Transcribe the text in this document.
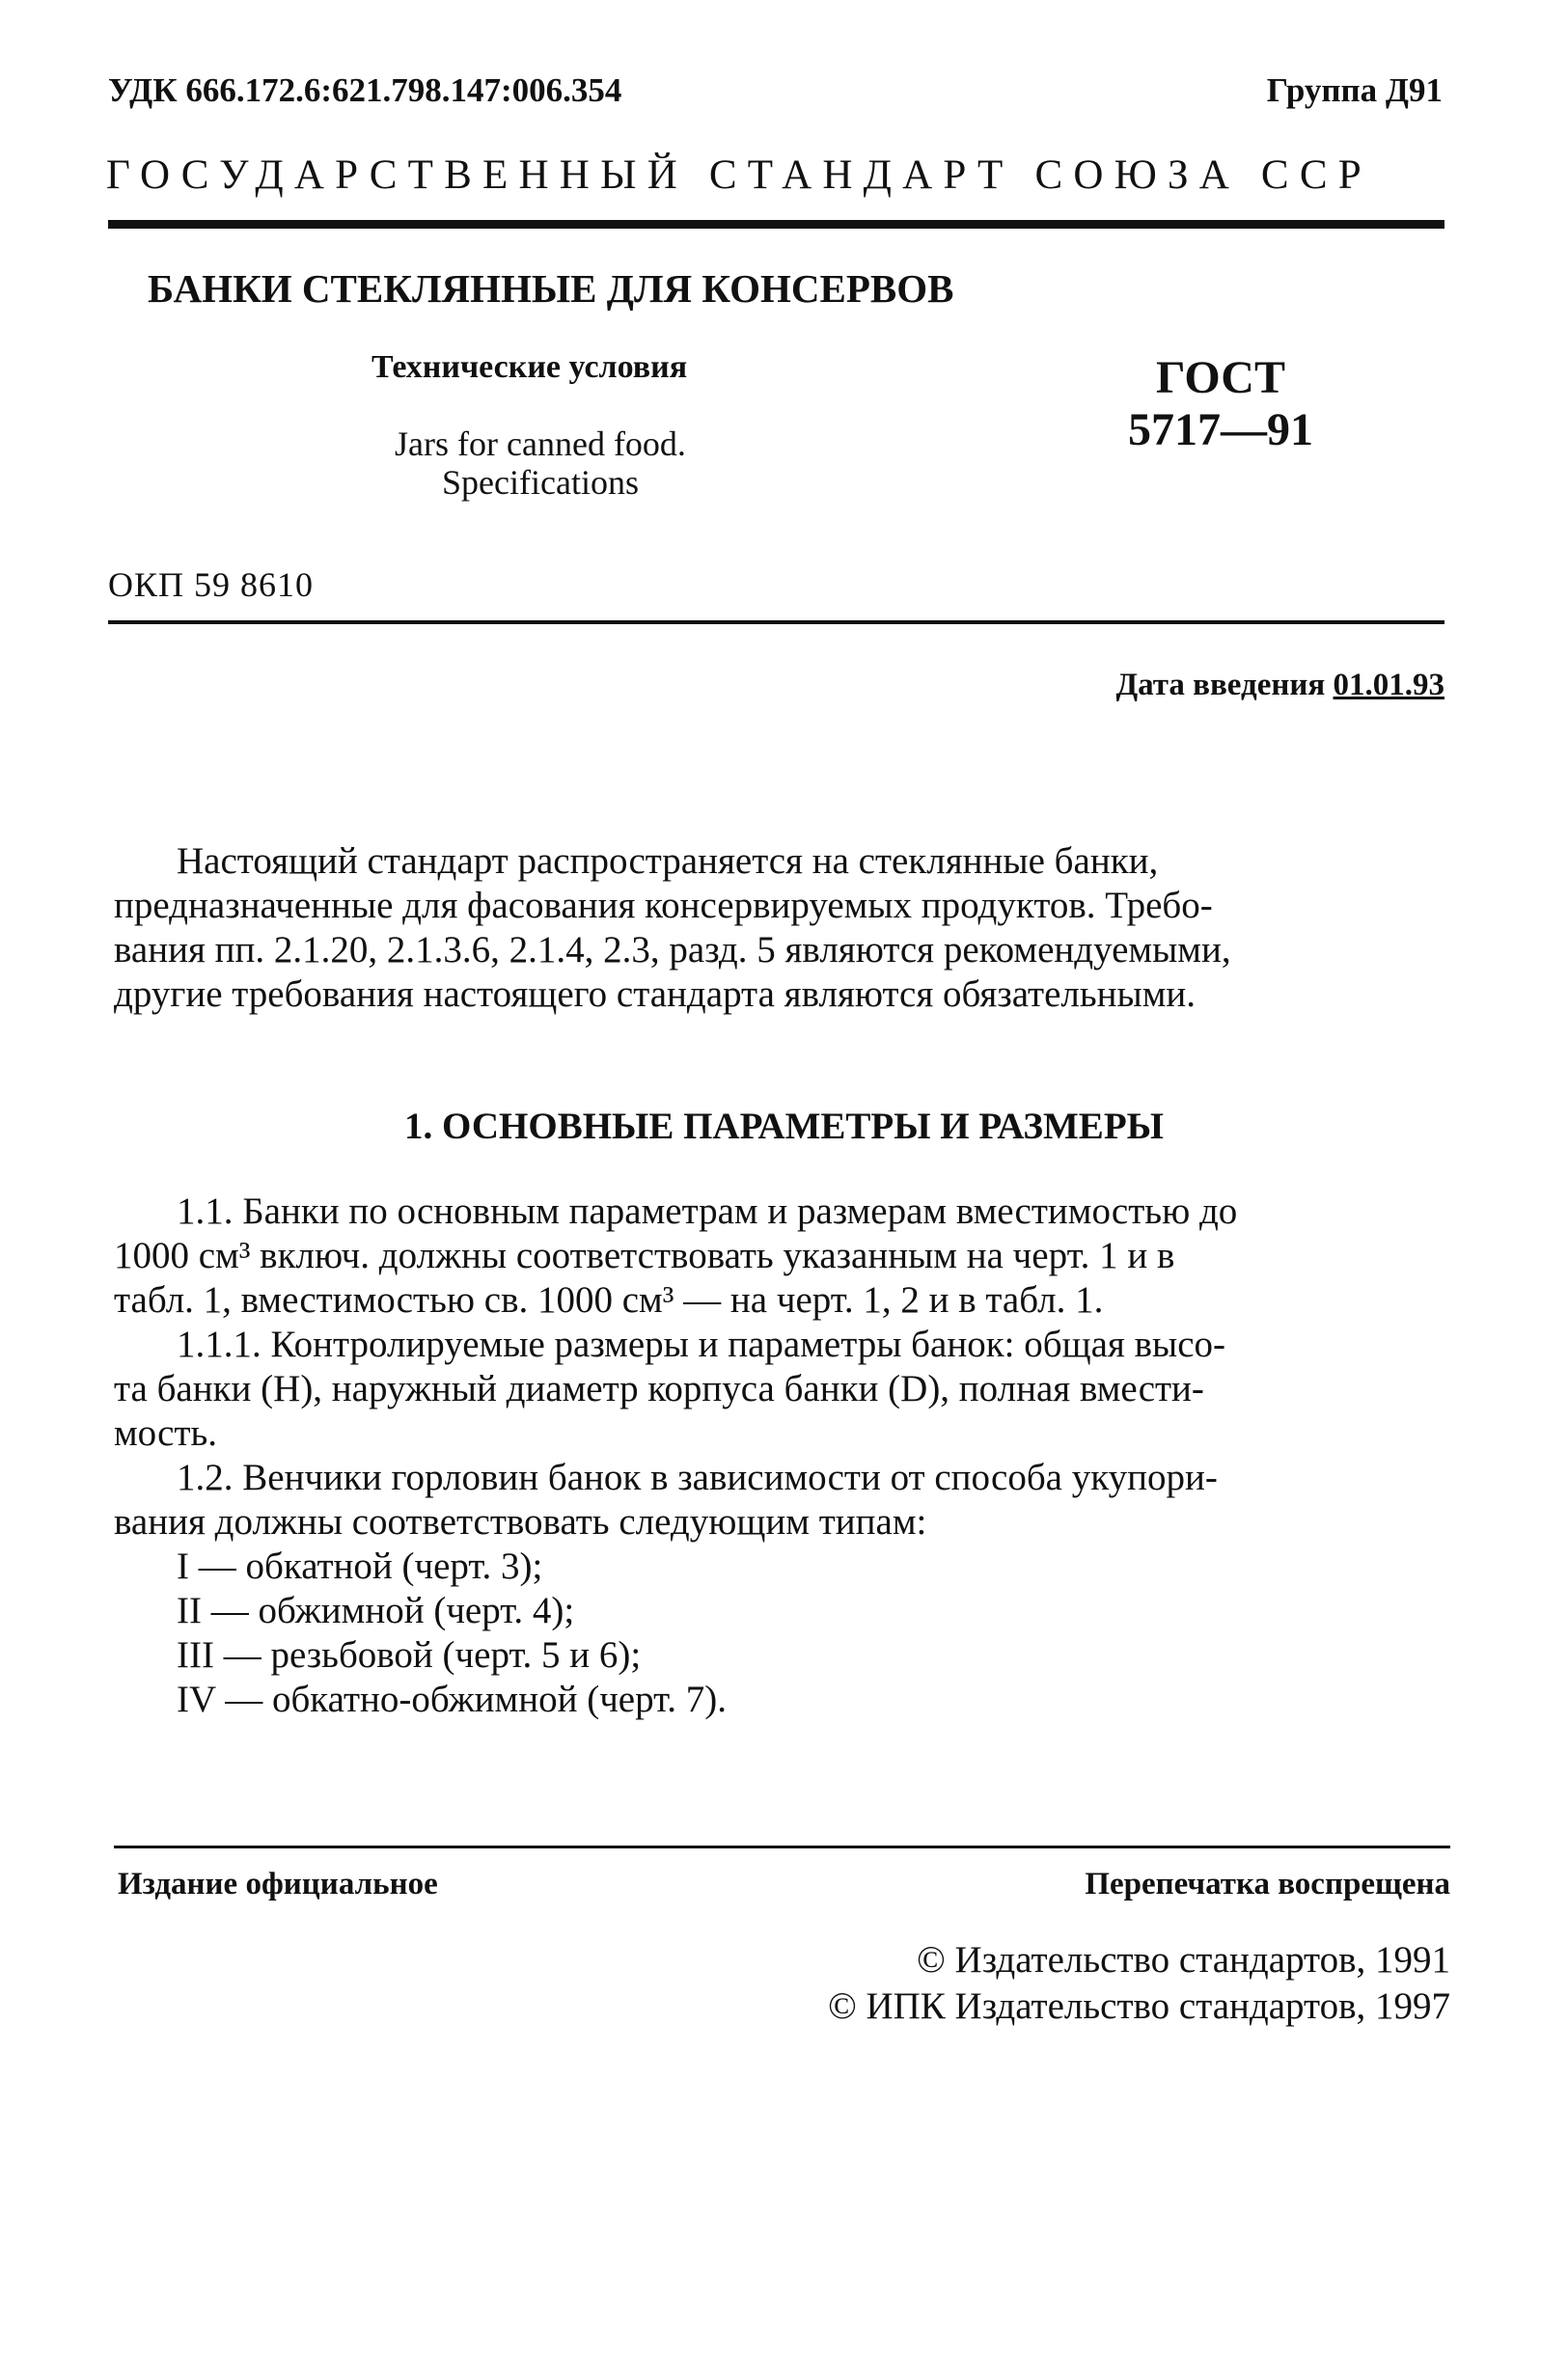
УДК 666.172.6:621.798.147:006.354	Группа Д91
ГОСУДАРСТВЕННЫЙ СТАНДАРТ СОЮЗА ССР
БАНКИ СТЕКЛЯННЫЕ ДЛЯ КОНСЕРВОВ
Технические условия
Jars for canned food.
Specifications
ГОСТ
5717—91
ОКП 59 8610
Дата введения 01.01.93
Настоящий стандарт распространяется на стеклянные банки,
предназначенные для фасования консервируемых продуктов. Требо-
вания пп. 2.1.20, 2.1.3.6, 2.1.4, 2.3, разд. 5 являются рекомендуемыми,
другие требования настоящего стандарта являются обязательными.
1. ОСНОВНЫЕ ПАРАМЕТРЫ И РАЗМЕРЫ
1.1. Банки по основным параметрам и размерам вместимостью до
1000 см³ включ. должны соответствовать указанным на черт. 1 и в
табл. 1, вместимостью св. 1000 см³ — на черт. 1, 2 и в табл. 1.
1.1.1. Контролируемые размеры и параметры банок: общая высо-
та банки (H), наружный диаметр корпуса банки (D), полная вмести-
мость.
1.2. Венчики горловин банок в зависимости от способа укупори-
вания должны соответствовать следующим типам:
I — обкатной (черт. 3);
II — обжимной (черт. 4);
III — резьбовой (черт. 5 и 6);
IV — обкатно-обжимной (черт. 7).
Издание официальное	Перепечатка воспрещена
© Издательство стандартов, 1991
© ИПК Издательство стандартов, 1997
